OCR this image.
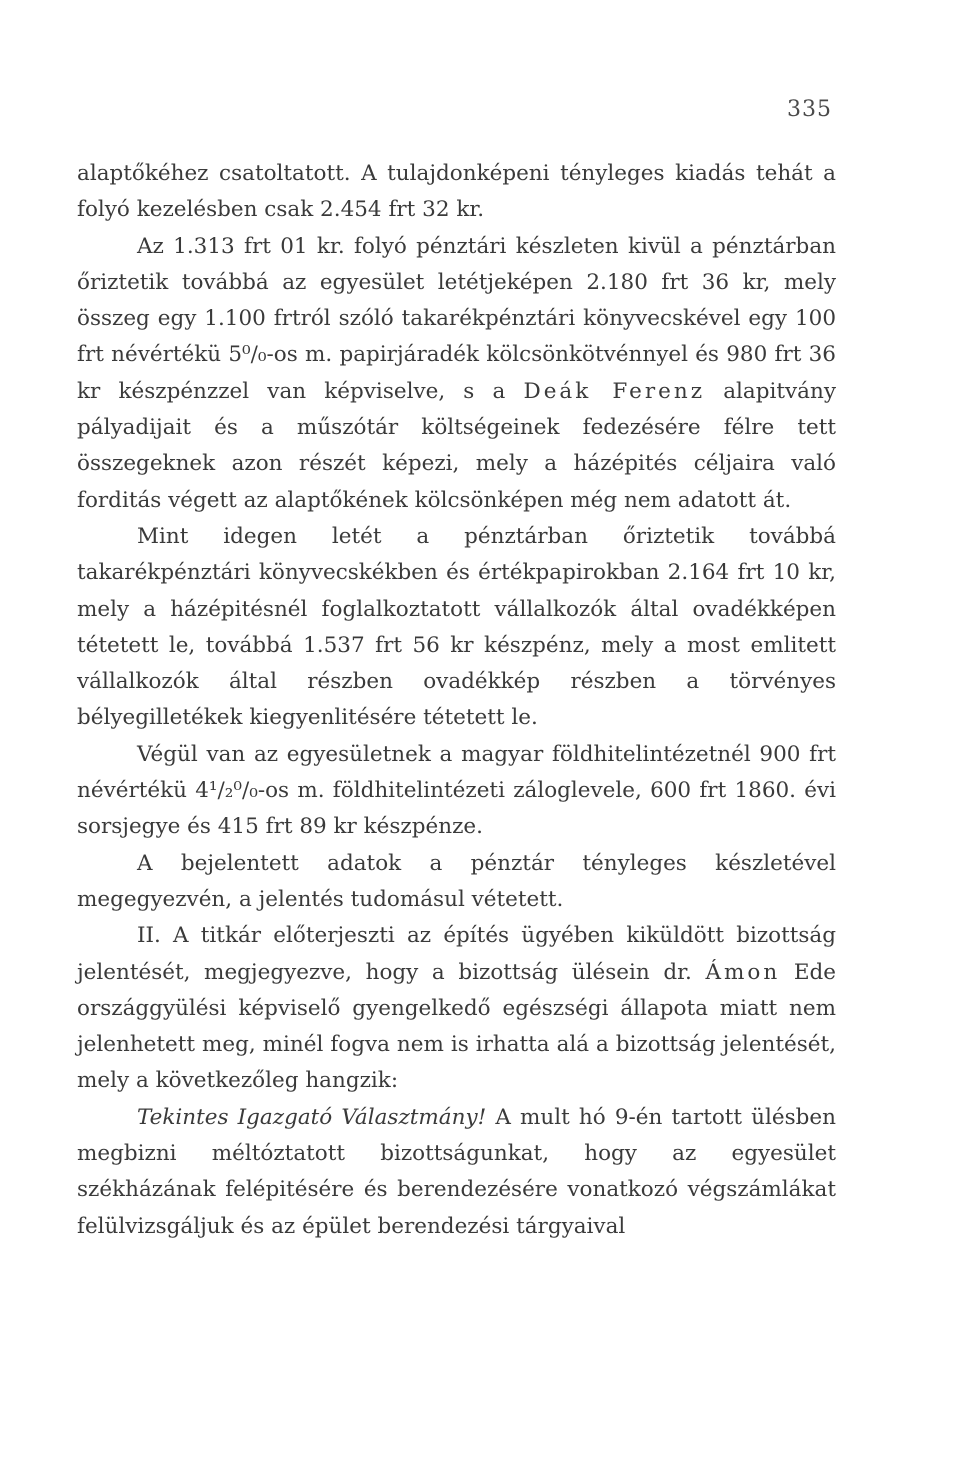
335

alaptőkéhez csatoltatott. A tulajdonképeni tényleges kiadás tehát a folyó kezelésben csak 2.454 frt 32 kr.

Az 1.313 frt 01 kr. folyó pénztári készleten kivül a pénztárban őriztetik továbbá az egyesület letétjeképen 2.180 frt 36 kr, mely összeg egy 1.100 frtról szóló takarékpénztári könyvecskével egy 100 frt névértékü 5⁰/₀-os m. papirjáradék kölcsönkötvénnyel és 980 frt 36 kr készpénzzel van képviselve, s a Deák Ferenz alapitvány pályadijait és a műszótár költségeinek fedezésére félre tett összegeknek azon részét képezi, mely a házépités céljaira való forditás végett az alaptőkének kölcsönképen még nem adatott át.

Mint idegen letét a pénztárban őriztetik továbbá takarékpénztári könyvecskékben és értékpapirokban 2.164 frt 10 kr, mely a házépitésnél foglalkoztatott vállalkozók által ovadékképen tétetett le, továbbá 1.537 frt 56 kr készpénz, mely a most emlitett vállalkozók által részben ovadékkép részben a törvényes bélyegilletékek kiegyenlitésére tétetett le.

Végül van az egyesületnek a magyar földhitelintézetnél 900 frt névértékü 4¹/₂⁰/₀-os m. földhitelintézeti záloglevele, 600 frt 1860. évi sorsjegye és 415 frt 89 kr készpénze.

A bejelentett adatok a pénztár tényleges készletével megegyezvén, a jelentés tudomásul vétetett.

II. A titkár előterjeszti az építés ügyében kiküldött bizottság jelentését, megjegyezve, hogy a bizottság ülésein dr. Ámon Ede országgyülési képviselő gyengelkedő egészségi állapota miatt nem jelenhetett meg, minél fogva nem is irhatta alá a bizottság jelentését, mely a következőleg hangzik:

Tekintes Igazgató Választmány! A mult hó 9-én tartott ülésben megbizni méltóztatott bizottságunkat, hogy az egyesület székházának felépitésére és berendezésére vonatkozó végszámlákat felülvizsgáljuk és az épület berendezési tárgyaival
